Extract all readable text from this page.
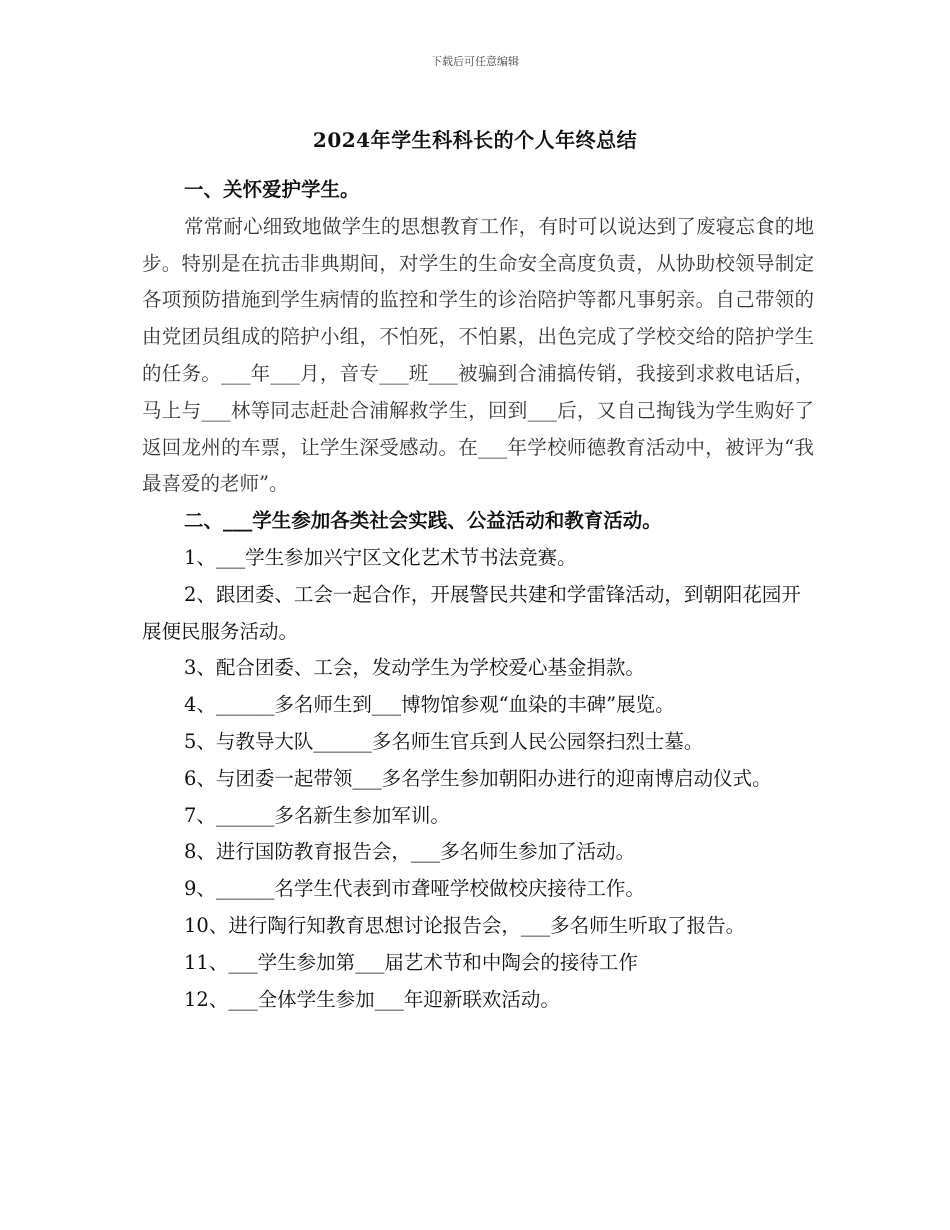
下载后可任意编辑
2024年学生科科长的个人年终总结

一、关怀爱护学生。

常常耐心细致地做学生的思想教育工作，有时可以说达到了废寝忘食的地步。特别是在抗击非典期间，对学生的生命安全高度负责，从协助校领导制定各项预防措施到学生病情的监控和学生的诊治陪护等都凡事躬亲。自己带领的由党团员组成的陪护小组，不怕死，不怕累，出色完成了学校交给的陪护学生的任务。___年___月，音专___班___被骗到合浦搞传销，我接到求救电话后，马上与___林等同志赶赴合浦解救学生，回到___后，又自己掏钱为学生购好了返回龙州的车票，让学生深受感动。在___年学校师德教育活动中，被评为“我最喜爱的老师”。

二、___学生参加各类社会实践、公益活动和教育活动。

1、___学生参加兴宁区文化艺术节书法竞赛。

2、跟团委、工会一起合作，开展警民共建和学雷锋活动，到朝阳花园开展便民服务活动。

3、配合团委、工会，发动学生为学校爱心基金捐款。

4、______多名师生到___博物馆参观“血染的丰碑”展览。

5、与教导大队______多名师生官兵到人民公园祭扫烈士墓。

6、与团委一起带领___多名学生参加朝阳办进行的迎南博启动仪式。

7、______多名新生参加军训。

8、进行国防教育报告会，___多名师生参加了活动。

9、______名学生代表到市聋哑学校做校庆接待工作。

10、进行陶行知教育思想讨论报告会，___多名师生听取了报告。

11、___学生参加第___届艺术节和中陶会的接待工作

12、___全体学生参加___年迎新联欢活动。
